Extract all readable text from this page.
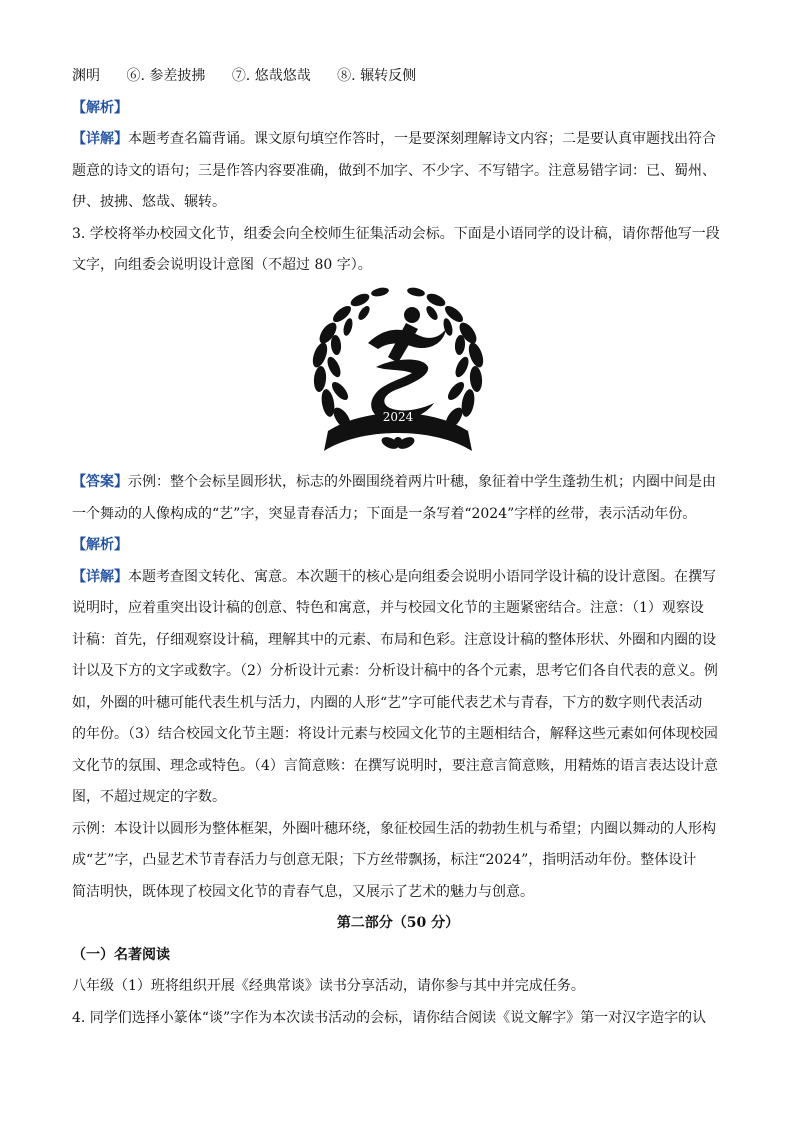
渊明 ⑥. 参差披拂 ⑦. 悠哉悠哉 ⑧. 辗转反侧
【解析】
【详解】本题考查名篇背诵。课文原句填空作答时，一是要深刻理解诗文内容；二是要认真审题找出符合
题意的诗文的语句；三是作答内容要准确，做到不加字、不少字、不写错字。注意易错字词：已、蜀州、
伊、披拂、悠哉、辗转。
3. 学校将举办校园文化节，组委会向全校师生征集活动会标。下面是小语同学的设计稿，请你帮他写一段
文字，向组委会说明设计意图（不超过 80 字）。
2024
【答案】示例：整个会标呈圆形状，标志的外圈围绕着两片叶穗，象征着中学生蓬勃生机；内圈中间是由
一个舞动的人像构成的“艺”字，突显青春活力；下面是一条写着“2024”字样的丝带，表示活动年份。
【解析】
【详解】本题考查图文转化、寓意。本次题干的核心是向组委会说明小语同学设计稿的设计意图。在撰写
说明时，应着重突出设计稿的创意、特色和寓意，并与校园文化节的主题紧密结合。注意：（1）观察设
计稿：首先，仔细观察设计稿，理解其中的元素、布局和色彩。注意设计稿的整体形状、外圈和内圈的设
计以及下方的文字或数字。（2）分析设计元素：分析设计稿中的各个元素，思考它们各自代表的意义。例
如，外圈的叶穗可能代表生机与活力，内圈的人形“艺”字可能代表艺术与青春，下方的数字则代表活动
的年份。（3）结合校园文化节主题：将设计元素与校园文化节的主题相结合，解释这些元素如何体现校园
文化节的氛围、理念或特色。（4）言简意赅：在撰写说明时，要注意言简意赅，用精炼的语言表达设计意
图，不超过规定的字数。
示例：本设计以圆形为整体框架，外圈叶穗环绕，象征校园生活的勃勃生机与希望；内圈以舞动的人形构
成“艺”字，凸显艺术节青春活力与创意无限；下方丝带飘扬，标注“2024”，指明活动年份。整体设计
简洁明快，既体现了校园文化节的青春气息，又展示了艺术的魅力与创意。
第二部分（50 分）
（一）名著阅读
八年级（1）班将组织开展《经典常谈》读书分享活动，请你参与其中并完成任务。
4. 同学们选择小篆体“谈”字作为本次读书活动的会标，请你结合阅读《说文解字》第一对汉字造字的认
